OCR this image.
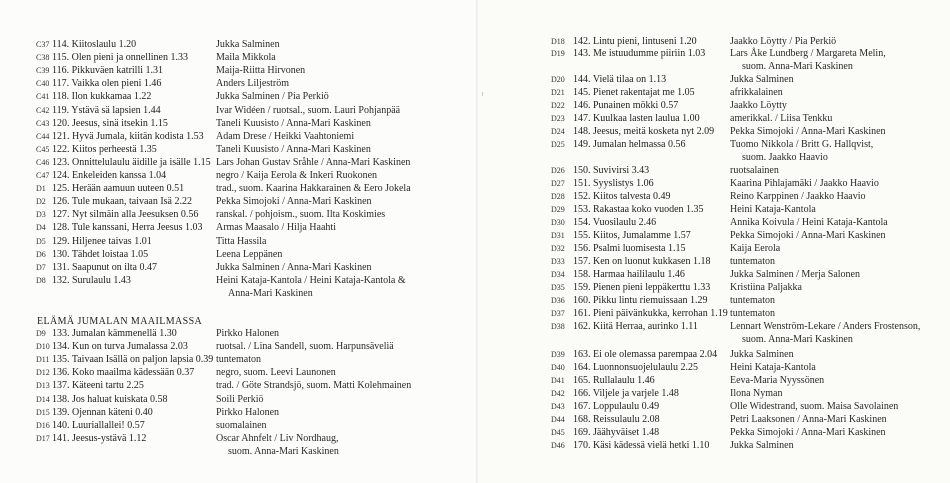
C37 114. Kiitoslaulu 1.20	Jukka Salminen
C38 115. Olen pieni ja onnellinen 1.33	Maila Mikkola
C39 116. Pikkuväen katrilli 1.31	Maija-Riitta Hirvonen
C40 117. Vaikka olen pieni 1.46	Anders Liljeström
C41 118. Ilon kukkamaa 1.22	Jukka Salminen / Pia Perkiö
C42 119. Ystävä sä lapsien 1.44	Ivar Widéen / ruotsal., suom. Lauri Pohjanpää
C43 120. Jeesus, sinä itsekin 1.15	Taneli Kuusisto / Anna-Mari Kaskinen
C44 121. Hyvä Jumala, kiitän kodista 1.53 Adam Drese / Heikki Vaahtoniemi
C45 122. Kiitos perheestä 1.35	Taneli Kuusisto / Anna-Mari Kaskinen
C46 123. Onnittelulaulu äidille ja isälle 1.15 Lars Johan Gustav Sråhle / Anna-Mari Kaskinen
C47 124. Enkeleiden kanssa 1.04	negro / Kaija Eerola & Inkeri Ruokonen
D1 125. Herään aamuun uuteen 0.51	trad., suom. Kaarina Hakkarainen & Eero Jokela
D2 126. Tule mukaan, taivaan Isä 2.22 Pekka Simojoki / Anna-Mari Kaskinen
D3 127. Nyt silmäin alla Jeesuksen 0.56 ranskal. / pohjoism., suom. Ilta Koskimies
D4 128. Tule kanssani, Herra Jeesus 1.03 Armas Maasalo / Hilja Haahti
D5 129. Hiljenee taivas 1.01	Titta Hassila
D6 130. Tähdet loistaa 1.05	Leena Leppänen
D7 131. Saapunut on ilta 0.47	Jukka Salminen / Anna-Mari Kaskinen
D8 132. Surulaulu 1.43	Heini Kataja-Kantola / Heini Kataja-Kantola &
Anna-Mari Kaskinen
ELÄMÄ JUMALAN MAAILMASSA
D9 133. Jumalan kämmenellä 1.30	Pirkko Halonen
D10 134. Kun on turva Jumalassa 2.03	ruotsal. / Lina Sandell, suom. Harpunsäveliä
D11 135. Taivaan Isällä on paljon lapsia 0.39 tuntematon
D12 136. Koko maailma kädessään 0.37 negro, suom. Leevi Launonen
D13 137. Käteeni tartu 2.25	trad. / Göte Strandsjö, suom. Matti Kolehmainen
D14 138. Jos haluat kuiskata 0.58	Soili Perkiö
D15 139. Ojennan käteni 0.40	Pirkko Halonen
D16 140. Luuriallallei! 0.57	suomalainen
D17 141. Jeesus-ystävä 1.12	Oscar Ahnfelt / Liv Nordhaug,
suom. Anna-Mari Kaskinen
D18 142. Lintu pieni, lintuseni 1.20	Jaakko Löytty / Pia Perkiö
D19 143. Me istuudumme piiriin 1.03 Lars Åke Lundberg / Margareta Melin,
suom. Anna-Mari Kaskinen
D20 144. Vielä tilaa on 1.13	Jukka Salminen
D21 145. Pienet rakentajat me 1.05	afrikkalainen
D22 146. Punainen mökki 0.57	Jaakko Löytty
D23 147. Kuulkaa lasten laulua 1.00	amerikkal. / Liisa Tenkku
D24 148. Jeesus, meitä kosketa nyt 2.09 Pekka Simojoki / Anna-Mari Kaskinen
D25 149. Jumalan helmassa 0.56	Tuomo Nikkola / Britt G. Hallqvist,
suom. Jaakko Haavio
D26 150. Suvivirsi 3.43	ruotsalainen
D27 151. Syyslistys 1.06	Kaarina Pihlajamäki / Jaakko Haavio
D28 152. Kiitos talvesta 0.49	Reino Karppinen / Jaakko Haavio
D29 153. Rakastaa koko vuoden 1.35	Heini Kataja-Kantola
D30 154. Vuosilaulu 2.46	Annika Koivula / Heini Kataja-Kantola
D31 155. Kiitos, Jumalamme 1.57	Pekka Simojoki / Anna-Mari Kaskinen
D32 156. Psalmi luomisesta 1.15	Kaija Eerola
D33 157. Ken on luonut kukkasen 1.18 tuntematon
D34 158. Harmaa haililaulu 1.46	Jukka Salminen / Merja Salonen
D35 159. Pienen pieni leppäkerttu 1.33 Kristiina Paljakka
D36 160. Pikku lintu riemuissaan 1.29 tuntematon
D37 161. Pieni päivänkukka, kerrohan 1.19 tuntematon
D38 162. Kiitä Herraa, aurinko 1.11	Lennart Wenström-Lekare / Anders Frostenson,
suom. Anna-Mari Kaskinen
D39 163. Ei ole olemassa parempaa 2.04 Jukka Salminen
D40 164. Luonnonsuojelulaulu 2.25	Heini Kataja-Kantola
D41 165. Rullalaulu 1.46	Eeva-Maria Nyyssönen
D42 166. Viljele ja varjele 1.48	Ilona Nyman
D43 167. Loppulaulu 0.49	Olle Widestrand, suom. Maisa Savolainen
D44 168. Reissulaulu 2.08	Petri Laaksonen / Anna-Mari Kaskinen
D45 169. Jäähyväiset 1.48	Pekka Simojoki / Anna-Mari Kaskinen
D46 170. Käsi kädessä vielä hetki 1.10 Jukka Salminen
